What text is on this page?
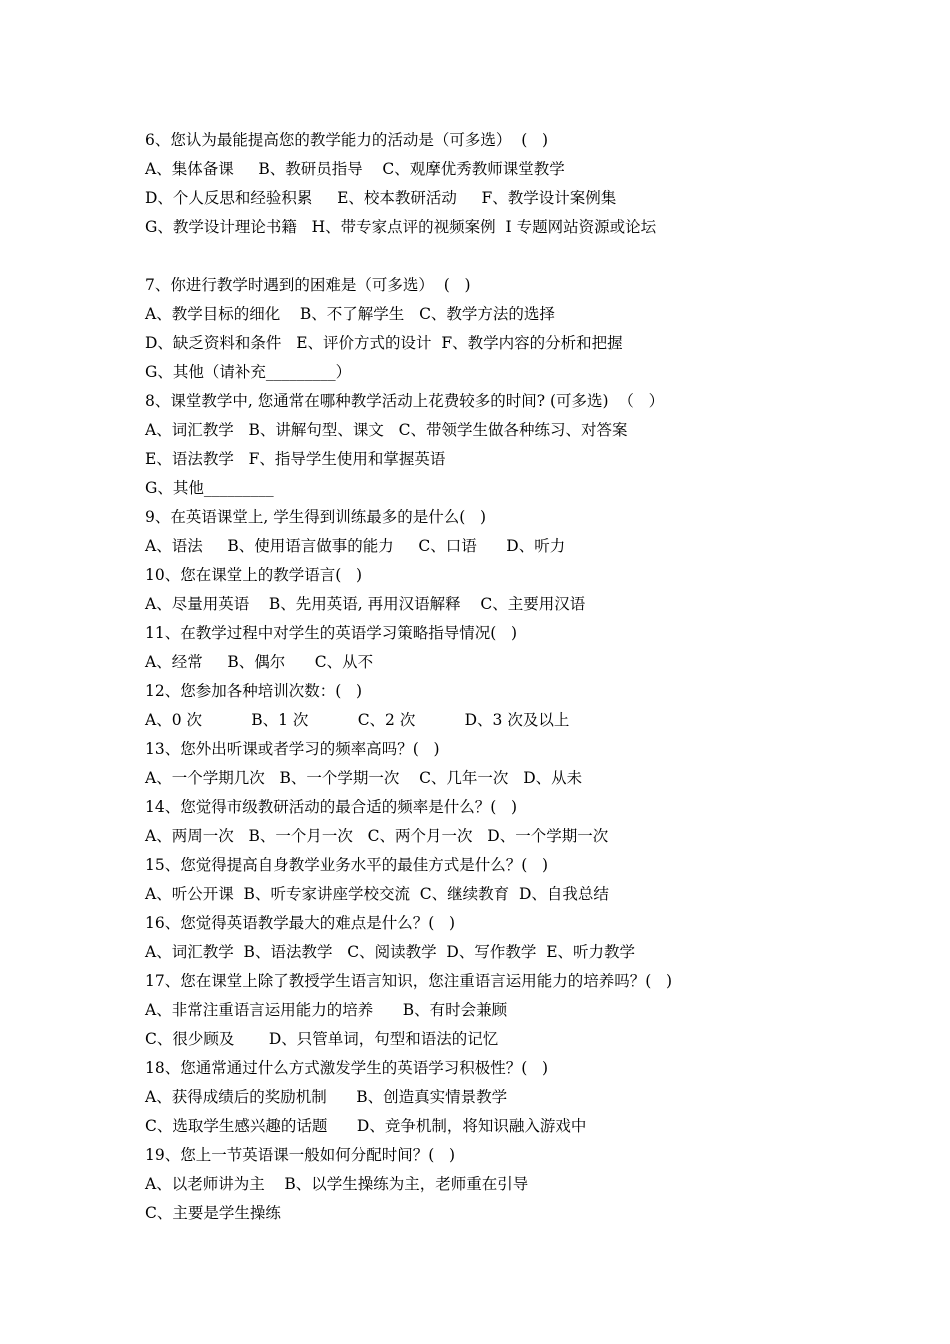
6、您认为最能提高您的教学能力的活动是（可多选）  (   )
A、集体备课     B、教研员指导    C、观摩优秀教师课堂教学
D、个人反思和经验积累     E、校本教研活动     F、教学设计案例集
G、教学设计理论书籍   H、带专家点评的视频案例  I 专题网站资源或论坛
7、你进行教学时遇到的困难是（可多选）  (   )
A、教学目标的细化    B、不了解学生   C、教学方法的选择
D、缺乏资料和条件   E、评价方式的设计  F、教学内容的分析和把握
G、其他（请补充_________）
8、课堂教学中, 您通常在哪种教学活动上花费较多的时间? (可多选)  （   ）
A、词汇教学   B、讲解句型、课文   C、带领学生做各种练习、对答案
E、语法教学   F、指导学生使用和掌握英语
G、其他_________
9、在英语课堂上, 学生得到训练最多的是什么(   )
A、语法     B、使用语言做事的能力     C、口语      D、听力
10、您在课堂上的教学语言(   )
A、尽量用英语    B、先用英语, 再用汉语解释    C、主要用汉语
11、在教学过程中对学生的英语学习策略指导情况(   )
A、经常     B、偶尔      C、从不
12、您参加各种培训次数：(   )
A、0 次          B、1 次          C、2 次          D、3 次及以上
13、您外出听课或者学习的频率高吗？(   )
A、一个学期几次   B、一个学期一次    C、几年一次   D、从未
14、您觉得市级教研活动的最合适的频率是什么？(   )
A、两周一次   B、一个月一次   C、两个月一次   D、一个学期一次
15、您觉得提高自身教学业务水平的最佳方式是什么？(   )
A、听公开课  B、听专家讲座学校交流  C、继续教育  D、自我总结
16、您觉得英语教学最大的难点是什么？(   )
A、词汇教学  B、语法教学   C、阅读教学  D、写作教学  E、听力教学
17、您在课堂上除了教授学生语言知识，您注重语言运用能力的培养吗？(   )
A、非常注重语言运用能力的培养      B、有时会兼顾
C、很少顾及       D、只管单词，句型和语法的记忆
18、您通常通过什么方式激发学生的英语学习积极性？(   )
A、获得成绩后的奖励机制      B、创造真实情景教学
C、选取学生感兴趣的话题      D、竞争机制，将知识融入游戏中
19、您上一节英语课一般如何分配时间？(   )
A、以老师讲为主    B、以学生操练为主，老师重在引导
C、主要是学生操练
